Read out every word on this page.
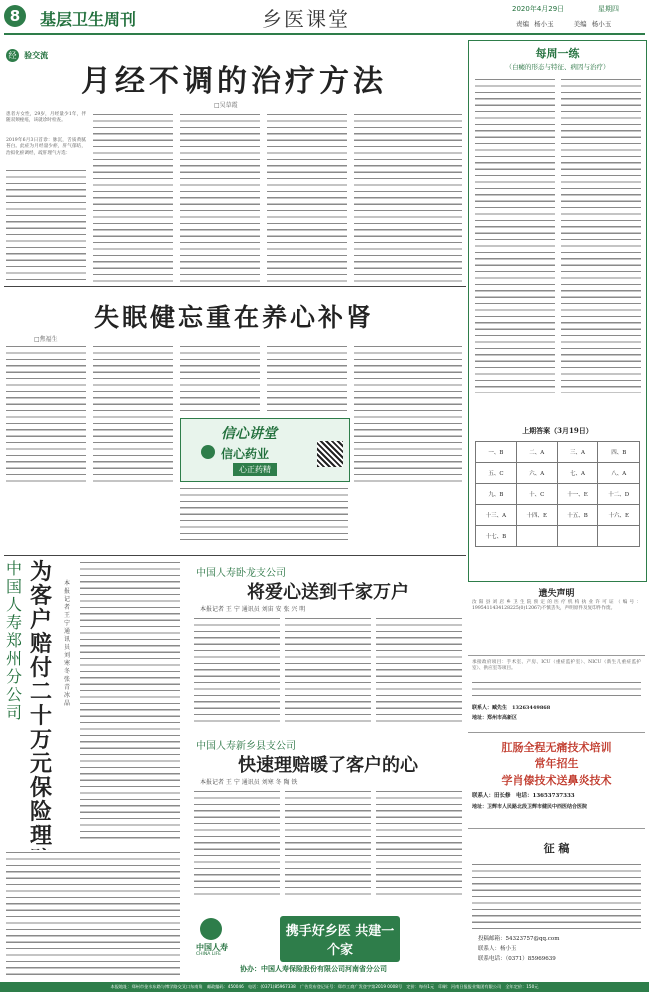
8	基层卫生周刊	乡医课堂	2020年4月29日	星期四
责编 杨小玉	美编 杨小玉
经 验交流
月经不调的治疗方法
□吴草霞
患者方女性，29岁，月经量少1年，伴随双颊痤疮，该就诊时检查。
2019年6月3日首诊：脉沉，舌质黄腻苔白。此症为月经量少瘀，肝气郁结，治拟化瘀调经，疏肝理气方选：
每周一练
（白癜的形态与特征、病因与治疗）
上期答案（3月19日）
一、B	二、A	三、A	四、B
五、C	六、A	七、A	八、A
九、B	十、C	十一、E	十二、D
十三、A	十四、E	十五、B	十六、E
十七、B			
失眠健忘重在养心补肾
□焦福生
信心讲堂
信心药业
心正药精
中国人寿郑州分公司
为客户赔付二十万元保险理
本报记者 王 宁 通讯员 刘寒 冬 张 青 冰 晶
中国人寿卧龙支公司
将爱心送到千家万户
本报记者 王 宁 通讯员 刘宙 安 张 兴 明
中国人寿新乡县支公司
快速理赔暖了客户的心
本报记者 王 宁 通讯员 刘寒 冬 陶 铁
中国人寿
CHINA LIFE
携手好乡医 共建一个家
协办：中国人寿保险股份有限公司河南省分公司
遗失声明
汝阳县刘店乡卫生院预定的医疗机构执业许可证（编号：1995411434128225(0)12067)不慎丢失，声明原件及复印件作废。
承接政府项目：手术室、产房、ICU（重症监护室）、NICU（新生儿重症监护室）、供应室等项目。
联系人：臧先生　13263449868
地址：郑州市高新区
肛肠全程无痛技术培训
常年招生
学肖傣技术送鼻炎技术
联系人：田长修　电话：13653737333
地址：卫辉市人民路北段卫辉市健民中西医结合医院
征 稿
投稿邮箱：54323757@qq.com
联系人：杨小玉
联系电话：（0371）85969639
本报地址：郑州市金水东路与博学路交叉口东南角　邮政编码：450046　电话：(0371)85967338　广告发布登记证号：郑市工商广发登字第2019 0008号　定价：每份1元　印刷：河南日报报业集团有限公司　全年定价：150元
